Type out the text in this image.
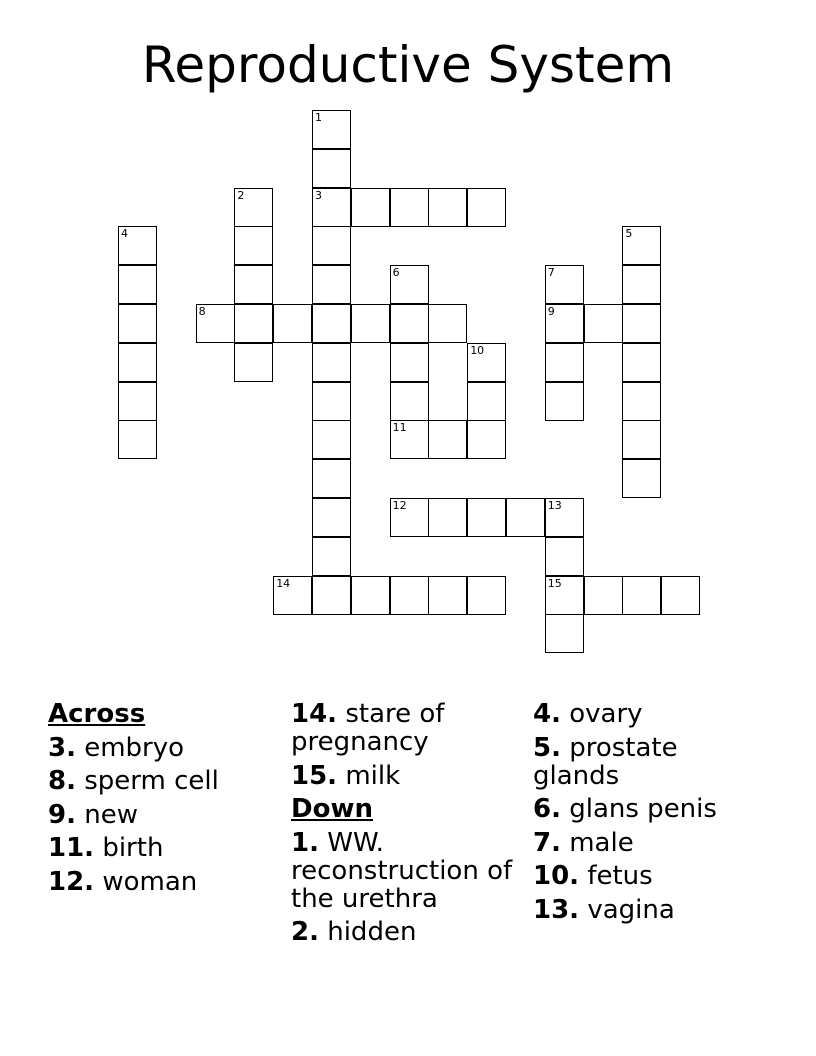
Reproductive System
1
2	3
4	5
6	7
8	9
10
11
12	13
14	15
Across
3. embryo
8. sperm cell
9. new
11. birth
12. woman
14. stare of pregnancy
15. milk
Down
1. WW. reconstruction of the urethra
2. hidden
4. ovary
5. prostate glands
6. glans penis
7. male
10. fetus
13. vagina
